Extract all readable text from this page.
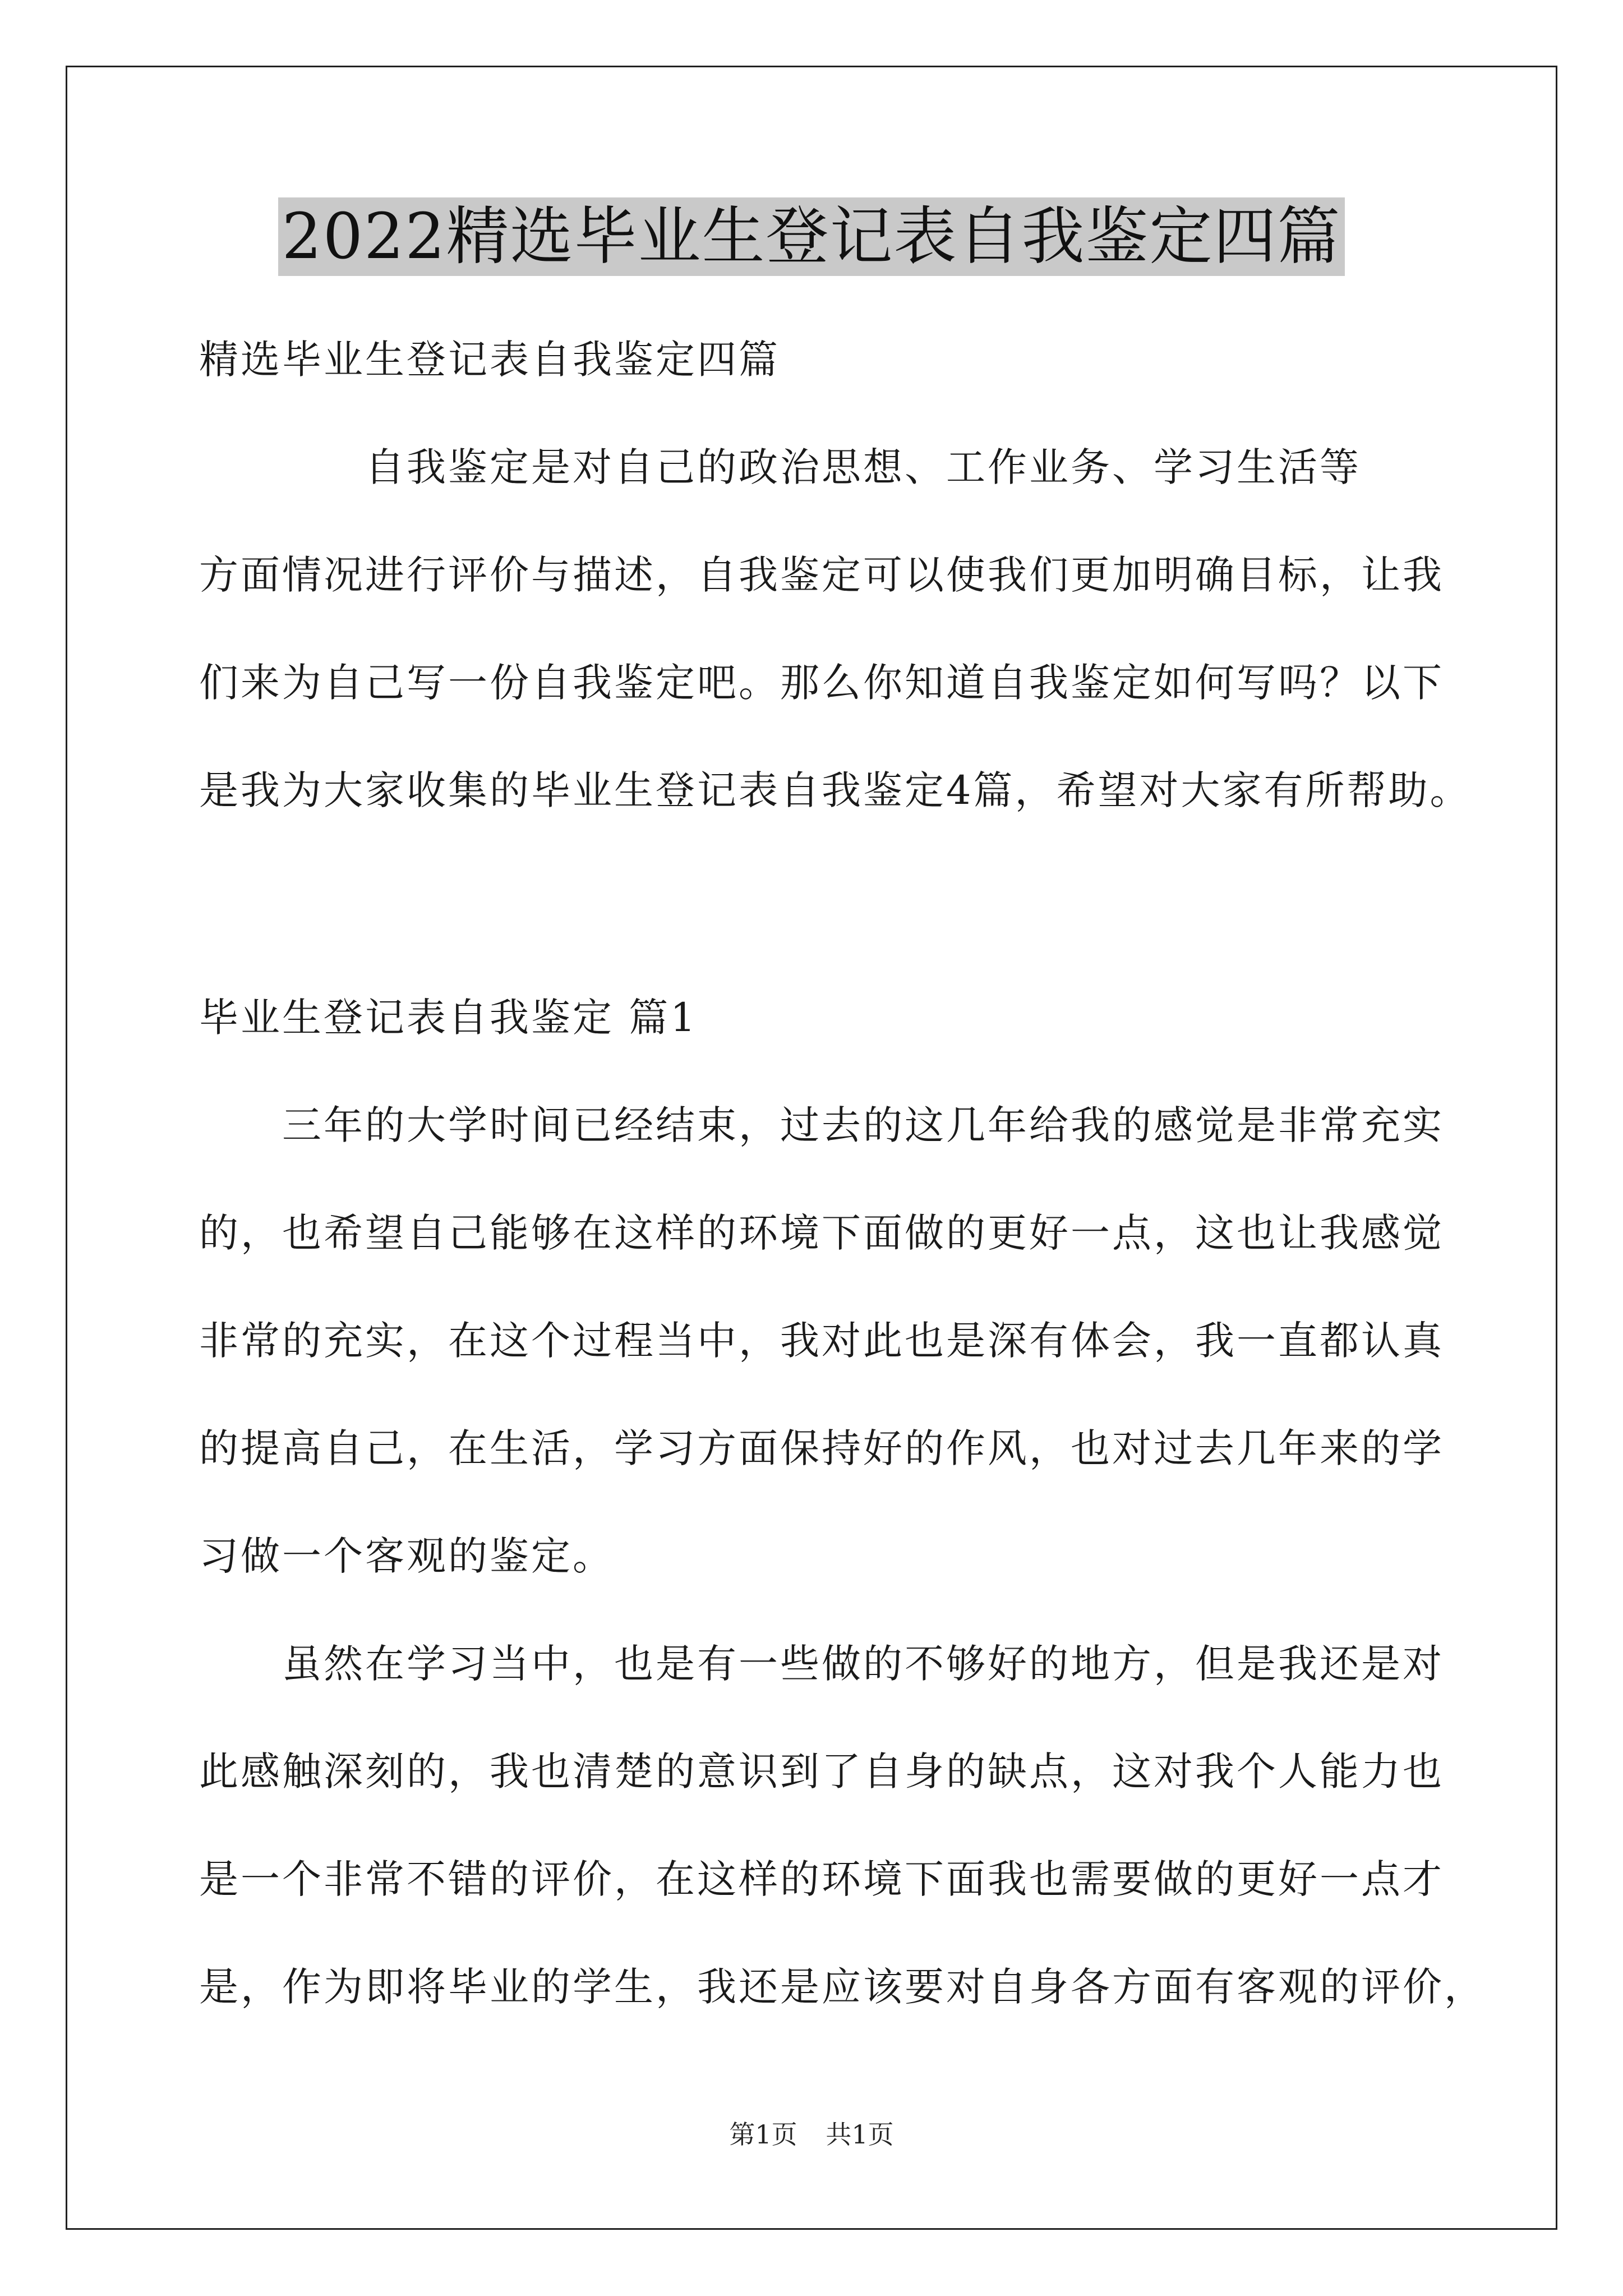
2022精选毕业生登记表自我鉴定四篇
精选毕业生登记表自我鉴定四篇
　　　　自我鉴定是对自己的政治思想、工作业务、学习生活等
方面情况进行评价与描述，自我鉴定可以使我们更加明确目标，让我
们来为自己写一份自我鉴定吧。那么你知道自我鉴定如何写吗？以下
是我为大家收集的毕业生登记表自我鉴定4篇，希望对大家有所帮助。
毕业生登记表自我鉴定 篇1
　　三年的大学时间已经结束，过去的这几年给我的感觉是非常充实
的，也希望自己能够在这样的环境下面做的更好一点，这也让我感觉
非常的充实，在这个过程当中，我对此也是深有体会，我一直都认真
的提高自己，在生活，学习方面保持好的作风，也对过去几年来的学
习做一个客观的鉴定。
　　虽然在学习当中，也是有一些做的不够好的地方，但是我还是对
此感触深刻的，我也清楚的意识到了自身的缺点，这对我个人能力也
是一个非常不错的评价，在这样的环境下面我也需要做的更好一点才
是，作为即将毕业的学生，我还是应该要对自身各方面有客观的评价，
第1页 共1页
